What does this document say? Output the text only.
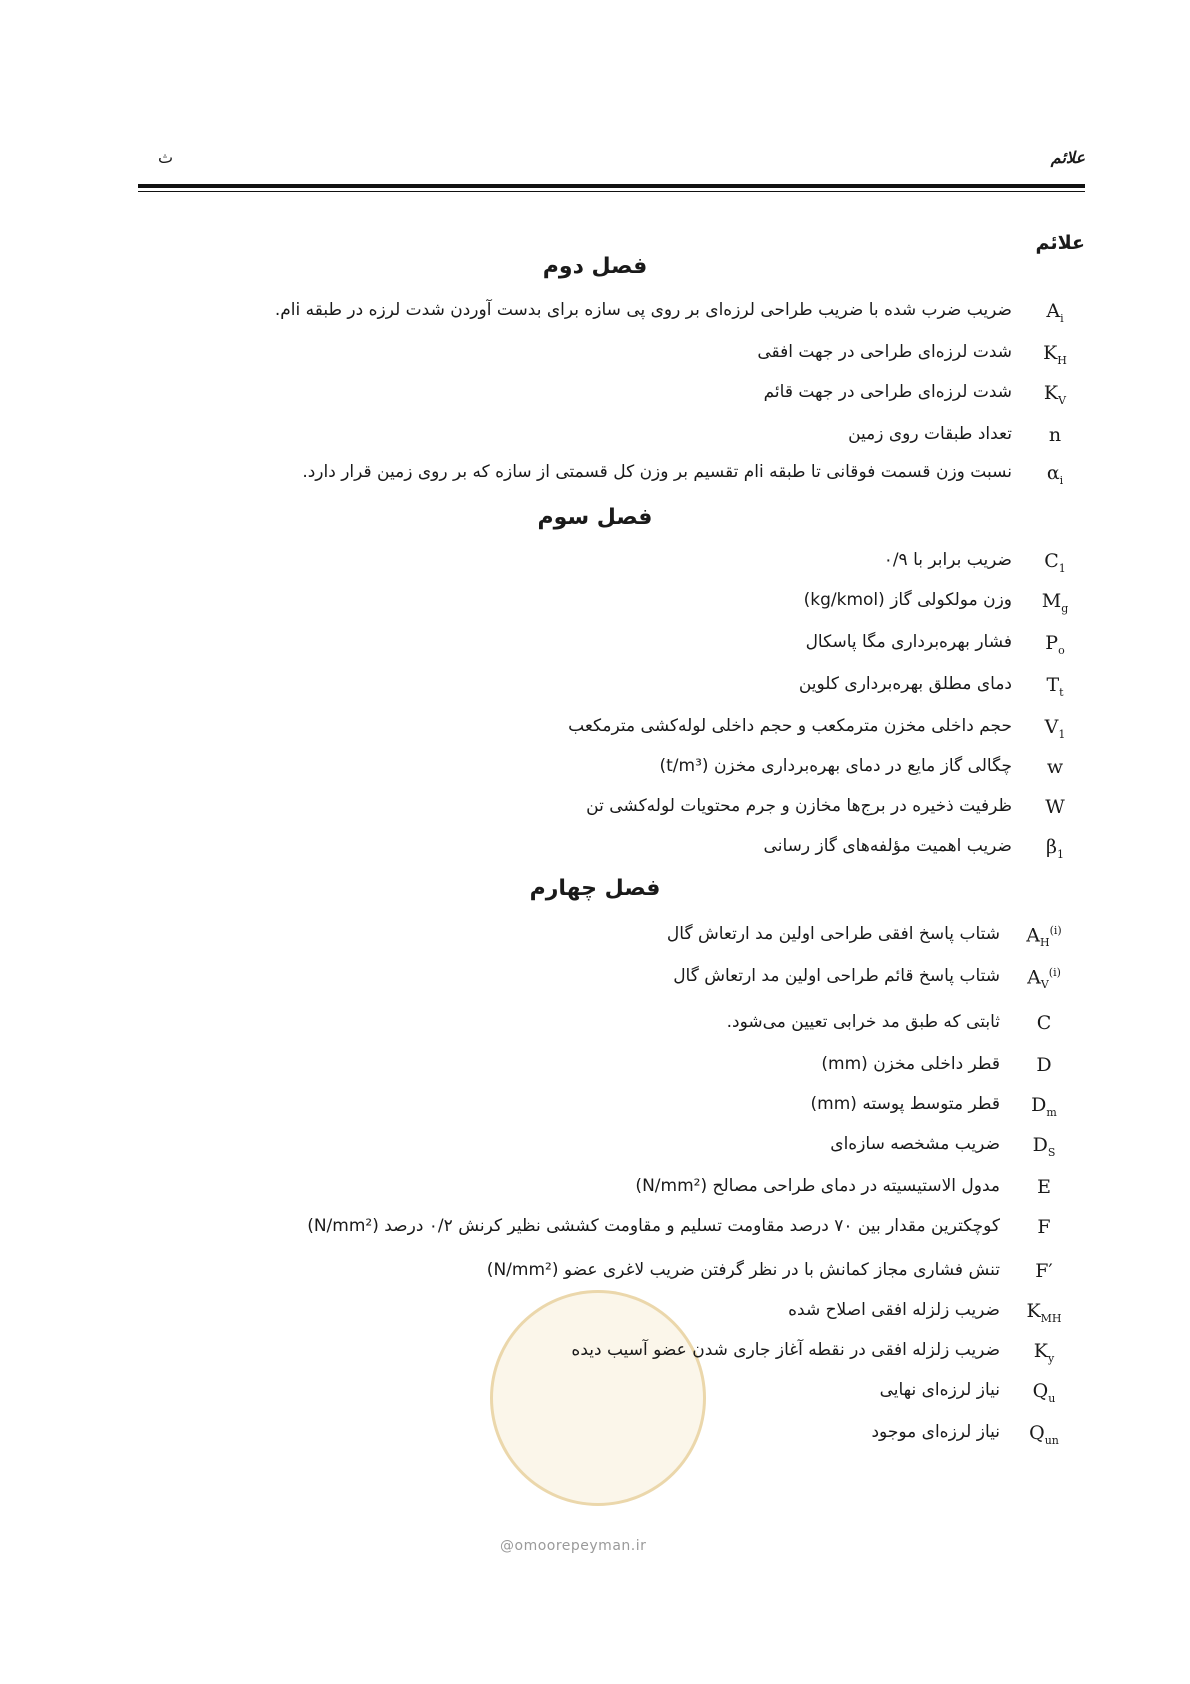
علائم
ث
علائم
فصل دوم
فصل سوم
فصل چهارم
@omoorepeyman.ir
$A_i$
ضریب ضرب شده با ضریب طراحی لرزه‌ای بر روی پی سازه برای بدست آوردن شدت لرزه در طبقه iام.
$K_H$
شدت لرزه‌ای طراحی در جهت افقی
$K_V$
شدت لرزه‌ای طراحی در جهت قائم
n
تعداد طبقات روی زمین
$\alpha_i$
نسبت وزن قسمت فوقانی تا طبقه iام تقسیم بر وزن کل قسمتی از سازه که بر روی زمین قرار دارد.
$C_1$
ضریب برابر با ۰/۹
$M_g$
وزن مولکولی گاز (kg/kmol)
$P_o$
فشار بهره‌برداری مگا پاسکال
$T_t$
دمای مطلق بهره‌برداری کلوین
$V_1$
حجم داخلی مخزن مترمکعب و حجم داخلی لوله‌کشی مترمکعب
w
چگالی گاز مایع در دمای بهره‌برداری مخزن (t/m³)
W
ظرفیت ذخیره در برج‌ها مخازن و جرم محتویات لوله‌کشی تن
$\beta_1$
ضریب اهمیت مؤلفه‌های گاز رسانی
$A_H^{(i)}$
شتاب پاسخ افقی طراحی اولین مد ارتعاش گال
$A_V^{(i)}$
شتاب پاسخ قائم طراحی اولین مد ارتعاش گال
C
ثابتی که طبق مد خرابی تعیین می‌شود.
D
قطر داخلی مخزن (mm)
$D_m$
قطر متوسط پوسته (mm)
$D_S$
ضریب مشخصه سازه‌ای
E
مدول الاستیسیته در دمای طراحی مصالح (N/mm²)
F
کوچکترین مقدار بین ۷۰ درصد مقاومت تسلیم و مقاومت کششی نظیر کرنش ۰/۲ درصد (N/mm²)
F′
تنش فشاری مجاز کمانش با در نظر گرفتن ضریب لاغری عضو (N/mm²)
$K_{MH}$
ضریب زلزله افقی اصلاح شده
$K_y$
ضریب زلزله افقی در نقطه آغاز جاری شدن عضو آسیب دیده
$Q_u$
نیاز لرزه‌ای نهایی
$Q_{un}$
نیاز لرزه‌ای موجود
